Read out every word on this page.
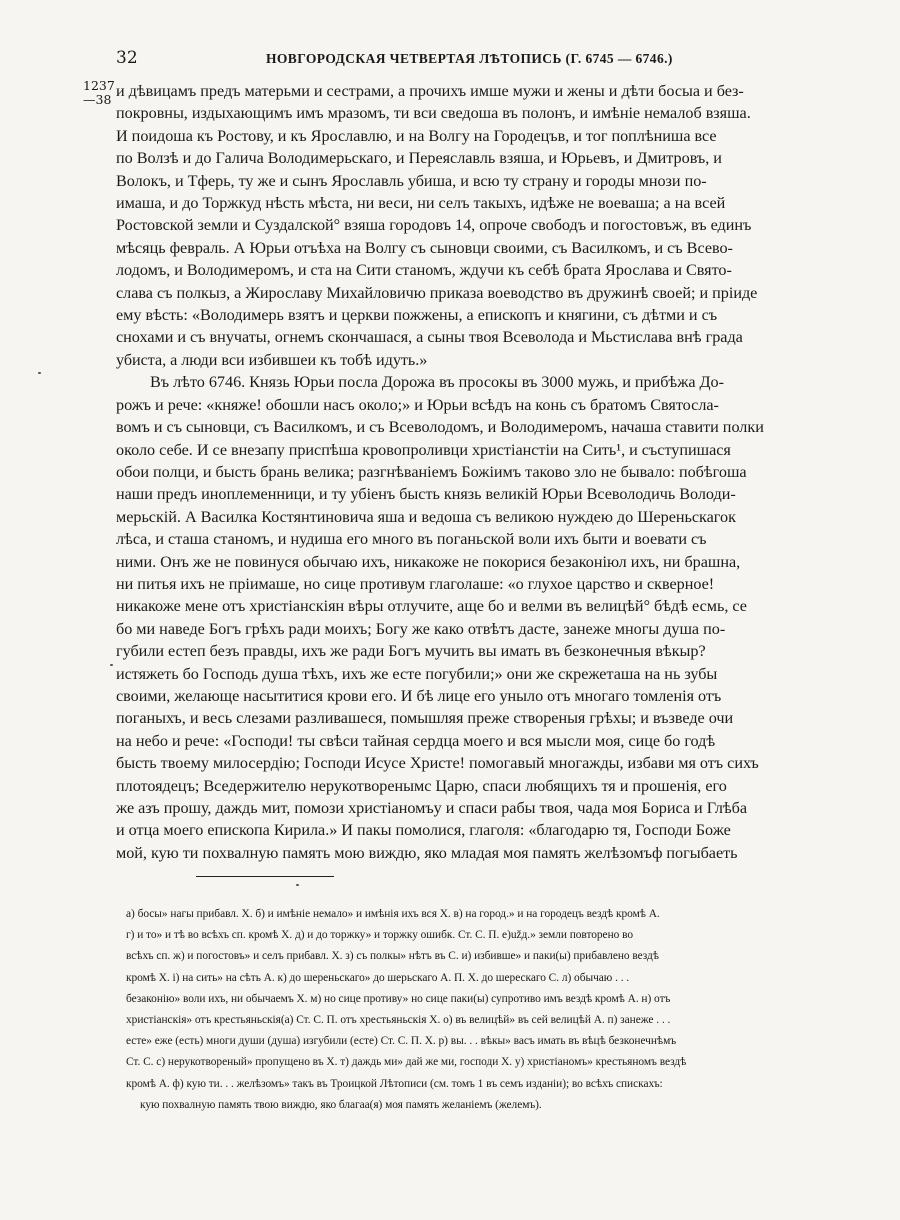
32	НОВГОРОДСКАЯ ЧЕТВЕРТАЯ ЛѢТОПИСЬ (Г. 6745 — 6746.)
1237
—38 и дѣвицамъ предъ матерьми и сестрами, а прочихъ имше мужи и жены и дѣти босыа и без-
покровны, издыхающимъ имъ мразомъ, ти вси сведоша въ полонъ, и имѣніе немалоб взяша.
И поидоша къ Ростову, и къ Ярославлю, и на Волгу на Городецъв, и тог поплѣниша все
по Волзѣ и до Галича Володимерьскаго, и Переяславль взяша, и Юрьевъ, и Дмитровъ, и
Волокъ, и Тферь, ту же и сынъ Ярославль убиша, и всю ту страну и городы мнози по-
имаша, и до Торжкуд нѣсть мѣста, ни веси, ни селъ такыхъ, идѣже не воеваша; а на всей
Ростовской земли и Суздалской° взяша городовъ 14, опроче свободъ и погостовъж, въ единъ
мѣсяць февраль. А Юрьи отъѣха на Волгу съ сыновци своими, съ Василкомъ, и съ Всево-
лодомъ, и Володимеромъ, и ста на Сити станомъ, ждучи къ себѣ брата Ярослава и Свято-
слава съ полкыз, а Жирославу Михайловичю приказа воеводство въ дружинѣ своей; и пріиде
ему вѣсть: «Володимерь взятъ и церкви пожжены, а епископъ и княгини, съ дѣтми и съ
снохами и съ внучаты, огнемъ скончашася, а сыны твоя Всеволода и Мьстислава внѣ града
убиста, а люди вси избившеи къ тобѣ идуть.»
Въ лѣто 6746. Князь Юрьи посла Дорожа въ просокы въ 3000 мужь, и прибѣжа До-
рожъ и рече: «княже! обошли насъ около;» и Юрьи всѣдъ на конь съ братомъ Святосла-
вомъ и съ сыновци, съ Василкомъ, и съ Всеволодомъ, и Володимеромъ, начаша ставити полки
около себе. И се внезапу приспѣша кровопроливци христіанстіи на Сить¹, и съступишася
обои полци, и бысть брань велика; разгнѣваніемъ Божіимъ таково зло не бывало: побѣгоша
наши предъ иноплеменници, и ту убіенъ бысть князь великій Юрьи Всеволодичь Володи-
мерьскій. А Василка Костянтиновича яша и ведоша съ великою нуждею до Шереньскагок
лѣса, и сташа станомъ, и нудиша его много въ поганьской воли ихъ быти и воевати съ
ними. Онъ же не повинуся обычаю ихъ, никакоже не покорися безаконіюл ихъ, ни брашна,
ни питья ихъ не пріимаше, но сице противум глаголаше: «о глухое царство и скверное!
никакоже мене отъ христіанскіян вѣры отлучите, аще бо и велми въ велицѣй° бѣдѣ есмь, се
бо ми наведе Богъ грѣхъ ради моихъ; Богу же како отвѣтъ дасте, занеже многы душа по-
губили естеп безъ правды, ихъ же ради Богъ мучить вы имать въ безконечныя вѣкыр?
истяжеть бо Господь душа тѣхъ, ихъ же есте погубили;» они же скрежеташа на нь зубы
своими, желающе насытитися крови его. И бѣ лице его унылo отъ многаго томленія отъ
поганыхъ, и весь слезами разливашеся, помышляя преже створеныя грѣхы; и възведе очи
на небо и рече: «Господи! ты свѣси тайная сердца моего и вся мысли моя, сице бо годѣ
бысть твоему милосердію; Господи Исусе Христе! помогавый многажды, избави мя отъ сихъ
плотоядецъ; Вседержителю нерукотворенымс Царю, спаси любящихъ тя и прошенія, его
же азъ прошу, даждь мит, помози христіаномъу и спаси рабы твоя, чада моя Бориса и Глѣба
и отца моего епископа Кирила.» И пакы помолися, глаголя: «благодарю тя, Господи Боже
мой, кую ти похвалную память мою виждю, яко младая моя память желѣзомъф погыбаеть
а) босы» нагы прибавл. Х. б) и имѣніе немало» и имѣнія ихъ вся Х. в) на город.» и на городецъ вездѣ кромѣ А.
г) и то» и тѣ во всѣхъ сп. кромѣ Х. д) и до торжку» и торжку ошибк. Ст. С. П. е)užд.» земли повторено во
всѣхъ сп. ж) и погостовъ» и селъ прибавл. Х. з) съ полкы» нѣтъ въ С. и) избивше» и паки(ы) прибавлено вездѣ
кромѣ Х. і) на сить» на сѣть А. к) до шереньскаго» до шерьскаго А. П. Х. до шерескаго С. л) обычаю . . .
безаконію» воли ихъ, ни обычаемъ Х. м) но сице противу» но сице паки(ы) супротиво имъ вездѣ кромѣ А. н) отъ
христіанскія» отъ крестьяньскія(а) Ст. С. П. отъ хрестьяньскія Х. о) въ велицѣй» въ сей велицѣй А. п) занеже . . .
есте» еже (есть) многи души (душа) изгубили (есте) Ст. С. П. Х. р) вы. . . вѣкы» васъ имать въ вѣцѣ безконечнѣмъ
Ст. С. с) нерукотвореный» пропущено въ Х. т) даждь ми» дай же ми, господи Х. у) христіаномъ» крестьяномъ вездѣ
кромѣ А. ф) кую ти. . . желѣзомъ» такъ въ Троицкой Лѣтописи (см. томъ 1 въ семъ изданіи); во всѣхъ спискахъ:
кую похвалную память твою виждю, яко благаа(я) моя память желаніемъ (желемъ).
